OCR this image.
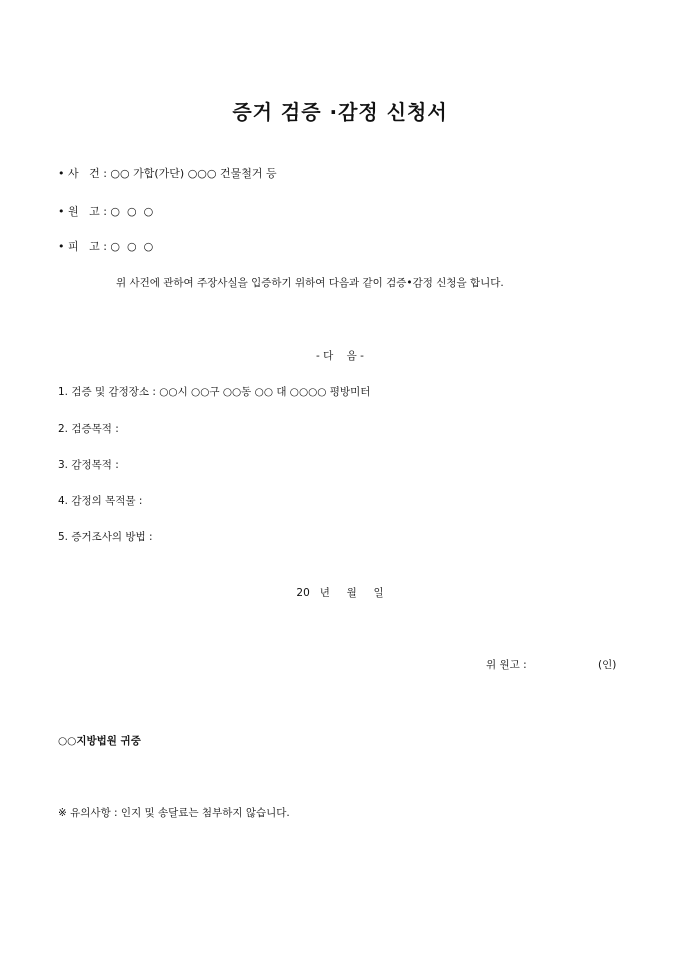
증거 검증 ·감정 신청서
• 사   건 : ○○ 가합(가단) ○○○ 건물철거 등
• 원   고 : ○  ○  ○
• 피   고 : ○  ○  ○
위 사건에 관하여 주장사실을 입증하기 위하여 다음과 같이 검증•감정 신청을 합니다.
- 다    음 -
1. 검증 및 감정장소 : ○○시 ○○구 ○○동 ○○ 대 ○○○○ 평방미터
2. 검증목적 :
3. 감정목적 :
4. 감정의 목적물 :
5. 증거조사의 방법 :
20   년     월     일
위 원고 :	(인)
○○지방법원 귀중
※ 유의사항 : 인지 및 송달료는 첨부하지 않습니다.
